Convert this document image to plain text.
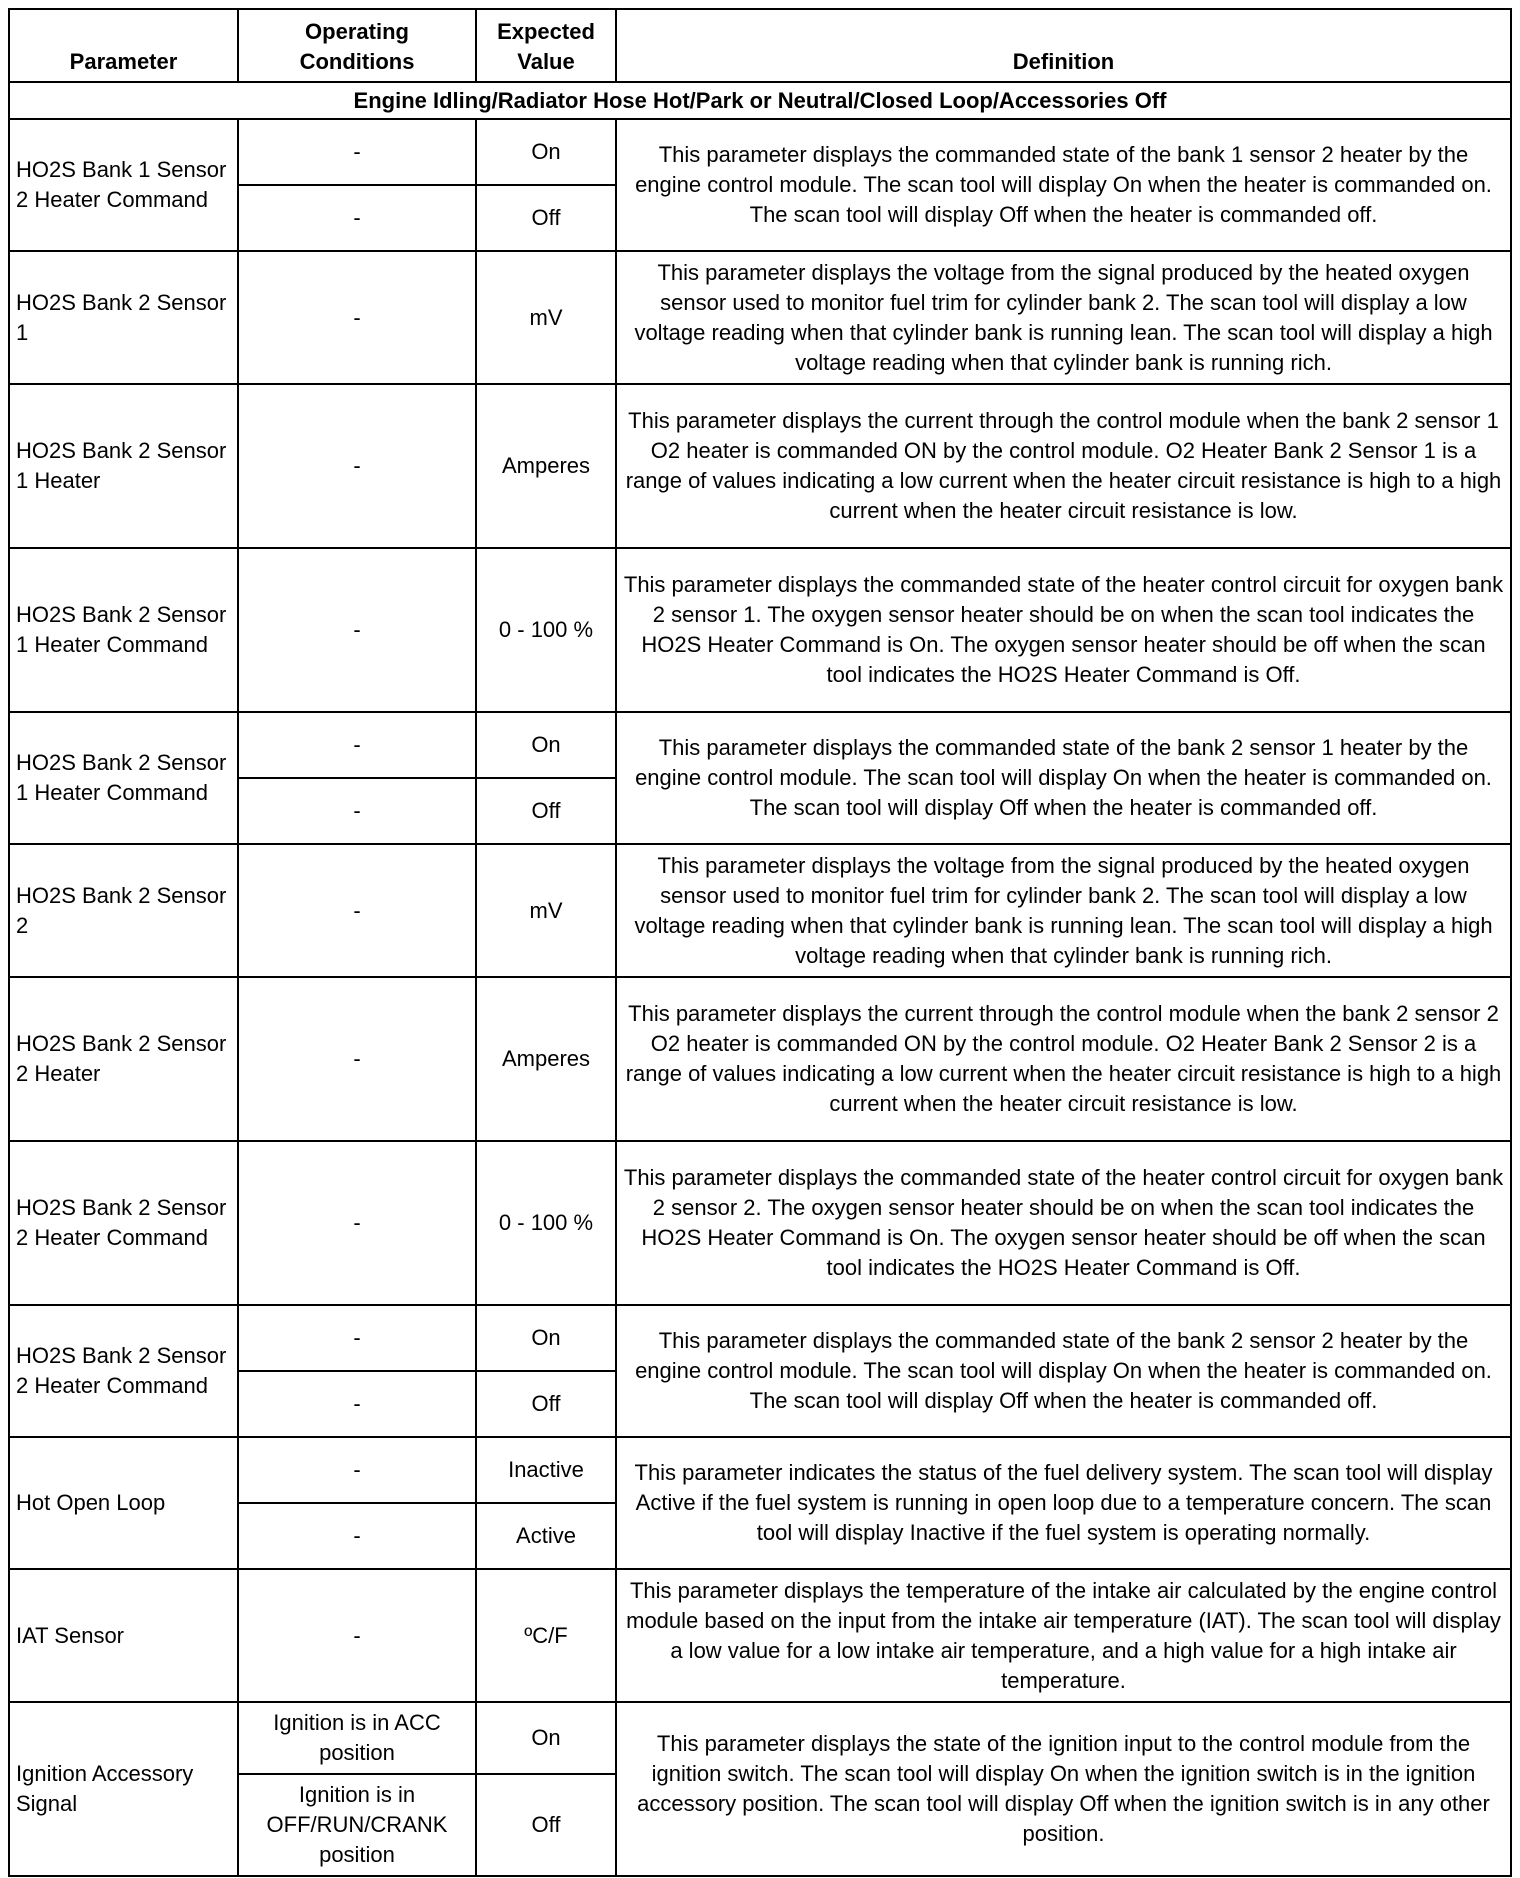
Parameter	Operating Conditions	Expected Value	Definition
Engine Idling/Radiator Hose Hot/Park or Neutral/Closed Loop/Accessories Off			
HO2S Bank 1 Sensor 2 Heater Command	-	On	This parameter displays the commanded state of the bank 1 sensor 2 heater by the engine control module. The scan tool will display On when the heater is commanded on. The scan tool will display Off when the heater is commanded off.
	-	Off	
HO2S Bank 2 Sensor 1	-	mV	This parameter displays the voltage from the signal produced by the heated oxygen sensor used to monitor fuel trim for cylinder bank 2. The scan tool will display a low voltage reading when that cylinder bank is running lean. The scan tool will display a high voltage reading when that cylinder bank is running rich.
HO2S Bank 2 Sensor 1 Heater	-	Amperes	This parameter displays the current through the control module when the bank 2 sensor 1 O2 heater is commanded ON by the control module. O2 Heater Bank 2 Sensor 1 is a range of values indicating a low current when the heater circuit resistance is high to a high current when the heater circuit resistance is low.
HO2S Bank 2 Sensor 1 Heater Command	-	0 - 100 %	This parameter displays the commanded state of the heater control circuit for oxygen bank 2 sensor 1. The oxygen sensor heater should be on when the scan tool indicates the HO2S Heater Command is On. The oxygen sensor heater should be off when the scan tool indicates the HO2S Heater Command is Off.
HO2S Bank 2 Sensor 1 Heater Command	-	On	This parameter displays the commanded state of the bank 2 sensor 1 heater by the engine control module. The scan tool will display On when the heater is commanded on. The scan tool will display Off when the heater is commanded off.
	-	Off	
HO2S Bank 2 Sensor 2	-	mV	This parameter displays the voltage from the signal produced by the heated oxygen sensor used to monitor fuel trim for cylinder bank 2. The scan tool will display a low voltage reading when that cylinder bank is running lean. The scan tool will display a high voltage reading when that cylinder bank is running rich.
HO2S Bank 2 Sensor 2 Heater	-	Amperes	This parameter displays the current through the control module when the bank 2 sensor 2 O2 heater is commanded ON by the control module. O2 Heater Bank 2 Sensor 2 is a range of values indicating a low current when the heater circuit resistance is high to a high current when the heater circuit resistance is low.
HO2S Bank 2 Sensor 2 Heater Command	-	0 - 100 %	This parameter displays the commanded state of the heater control circuit for oxygen bank 2 sensor 2. The oxygen sensor heater should be on when the scan tool indicates the HO2S Heater Command is On. The oxygen sensor heater should be off when the scan tool indicates the HO2S Heater Command is Off.
HO2S Bank 2 Sensor 2 Heater Command	-	On	This parameter displays the commanded state of the bank 2 sensor 2 heater by the engine control module. The scan tool will display On when the heater is commanded on. The scan tool will display Off when the heater is commanded off.
	-	Off	
Hot Open Loop	-	Inactive	This parameter indicates the status of the fuel delivery system. The scan tool will display Active if the fuel system is running in open loop due to a temperature concern. The scan tool will display Inactive if the fuel system is operating normally.
	-	Active	
IAT Sensor	-	ºC/F	This parameter displays the temperature of the intake air calculated by the engine control module based on the input from the intake air temperature (IAT). The scan tool will display a low value for a low intake air temperature, and a high value for a high intake air temperature.
Ignition Accessory Signal	Ignition is in ACC position	On	This parameter displays the state of the ignition input to the control module from the ignition switch. The scan tool will display On when the ignition switch is in the ignition accessory position. The scan tool will display Off when the ignition switch is in any other position.
	Ignition is in OFF/RUN/CRANK position	Off	
